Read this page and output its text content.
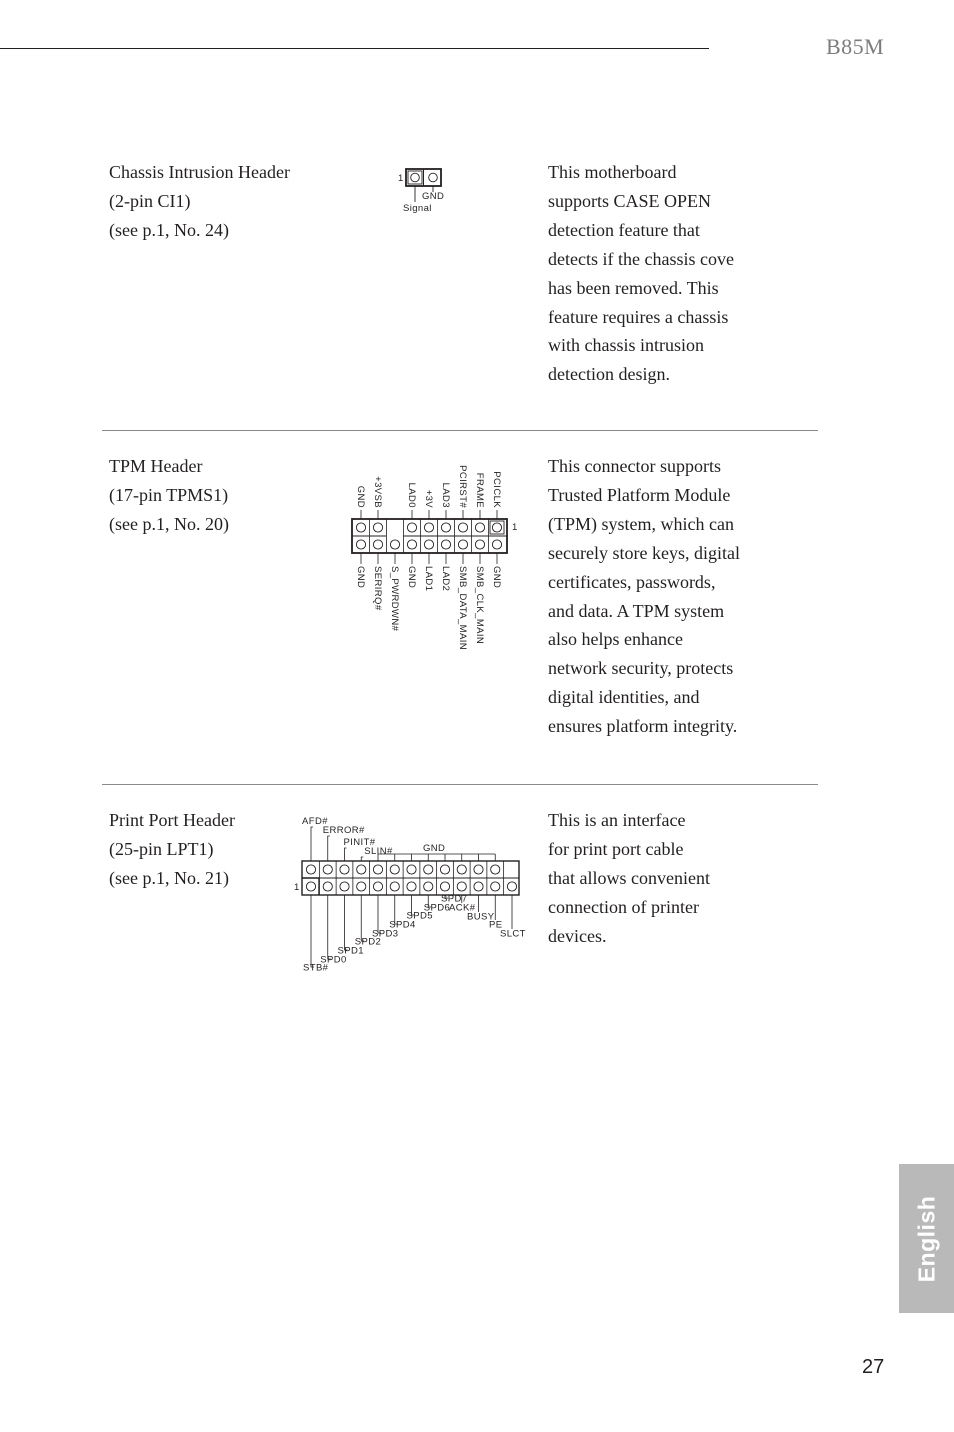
B85M
Chassis Intrusion Header
(2-pin CI1)
(see p.1, No. 24)
1
GND
Signal
This motherboard
supports CASE OPEN
detection feature that
detects if the chassis cove
has been removed. This
feature requires a chassis
with chassis intrusion
detection design.
TPM Header
(17-pin TPMS1)
(see p.1, No. 20)	1
GND +3VSB LAD0 +3V LAD3 PCIRST# FRAME PCICLK
GND SERIRQ# S_PWRDWN# GND LAD1 LAD2 SMB_DATA_MAIN SMB_CLK_MAIN GND
This connector supports
Trusted Platform Module
(TPM) system, which can
securely store keys, digital
certificates, passwords,
and data. A TPM system
also helps enhance
network security, protects
digital identities, and
ensures platform integrity.
Print Port Header
(25-pin LPT1)
(see p.1, No. 21)	1
AFD#
ERROR#
PINIT#
SLIN#	GND
STB#
SPD0
SPD1
SPD2
SPD3
SPD4
SPD5
SPD6
SPD7
ACK#
BUSY
PE
SLCT
This is an interface
for print port cable
that allows convenient
connection of printer
devices.
English
27
